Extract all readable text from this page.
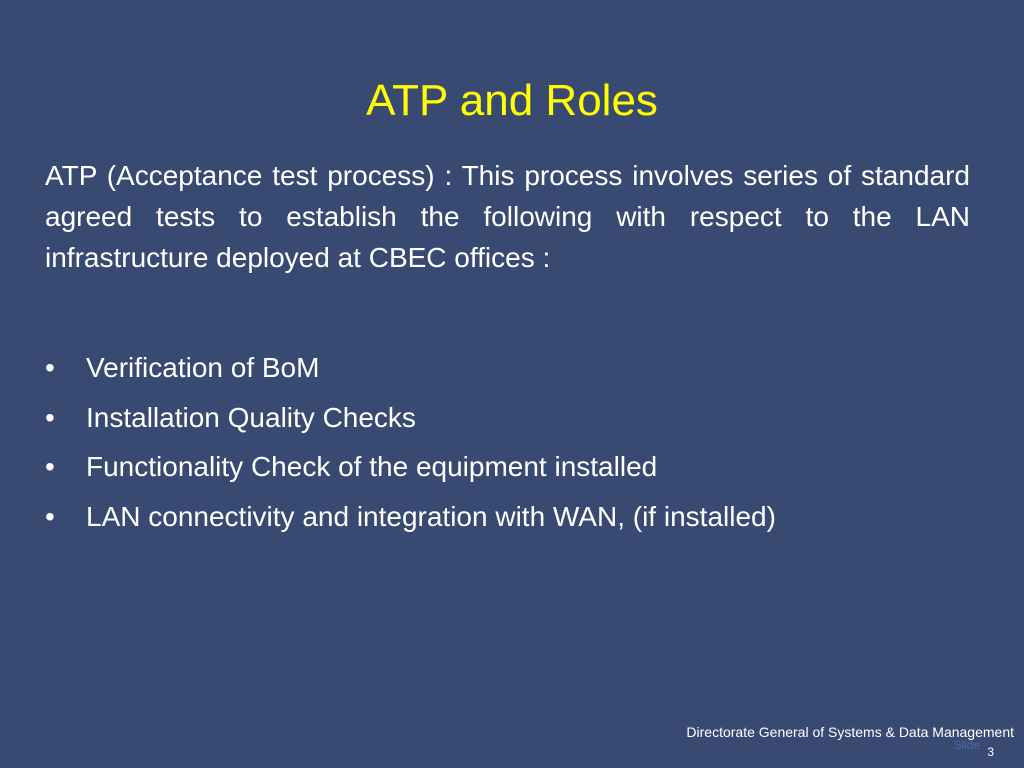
ATP and Roles

ATP (Acceptance test process) : This process involves series of standard agreed tests to establish the following with respect to the LAN infrastructure deployed at CBEC offices :

• Verification of BoM
• Installation Quality Checks
• Functionality Check of the equipment installed
• LAN connectivity and integration with WAN, (if installed)
Directorate General of Systems & Data Management
Slide 3
